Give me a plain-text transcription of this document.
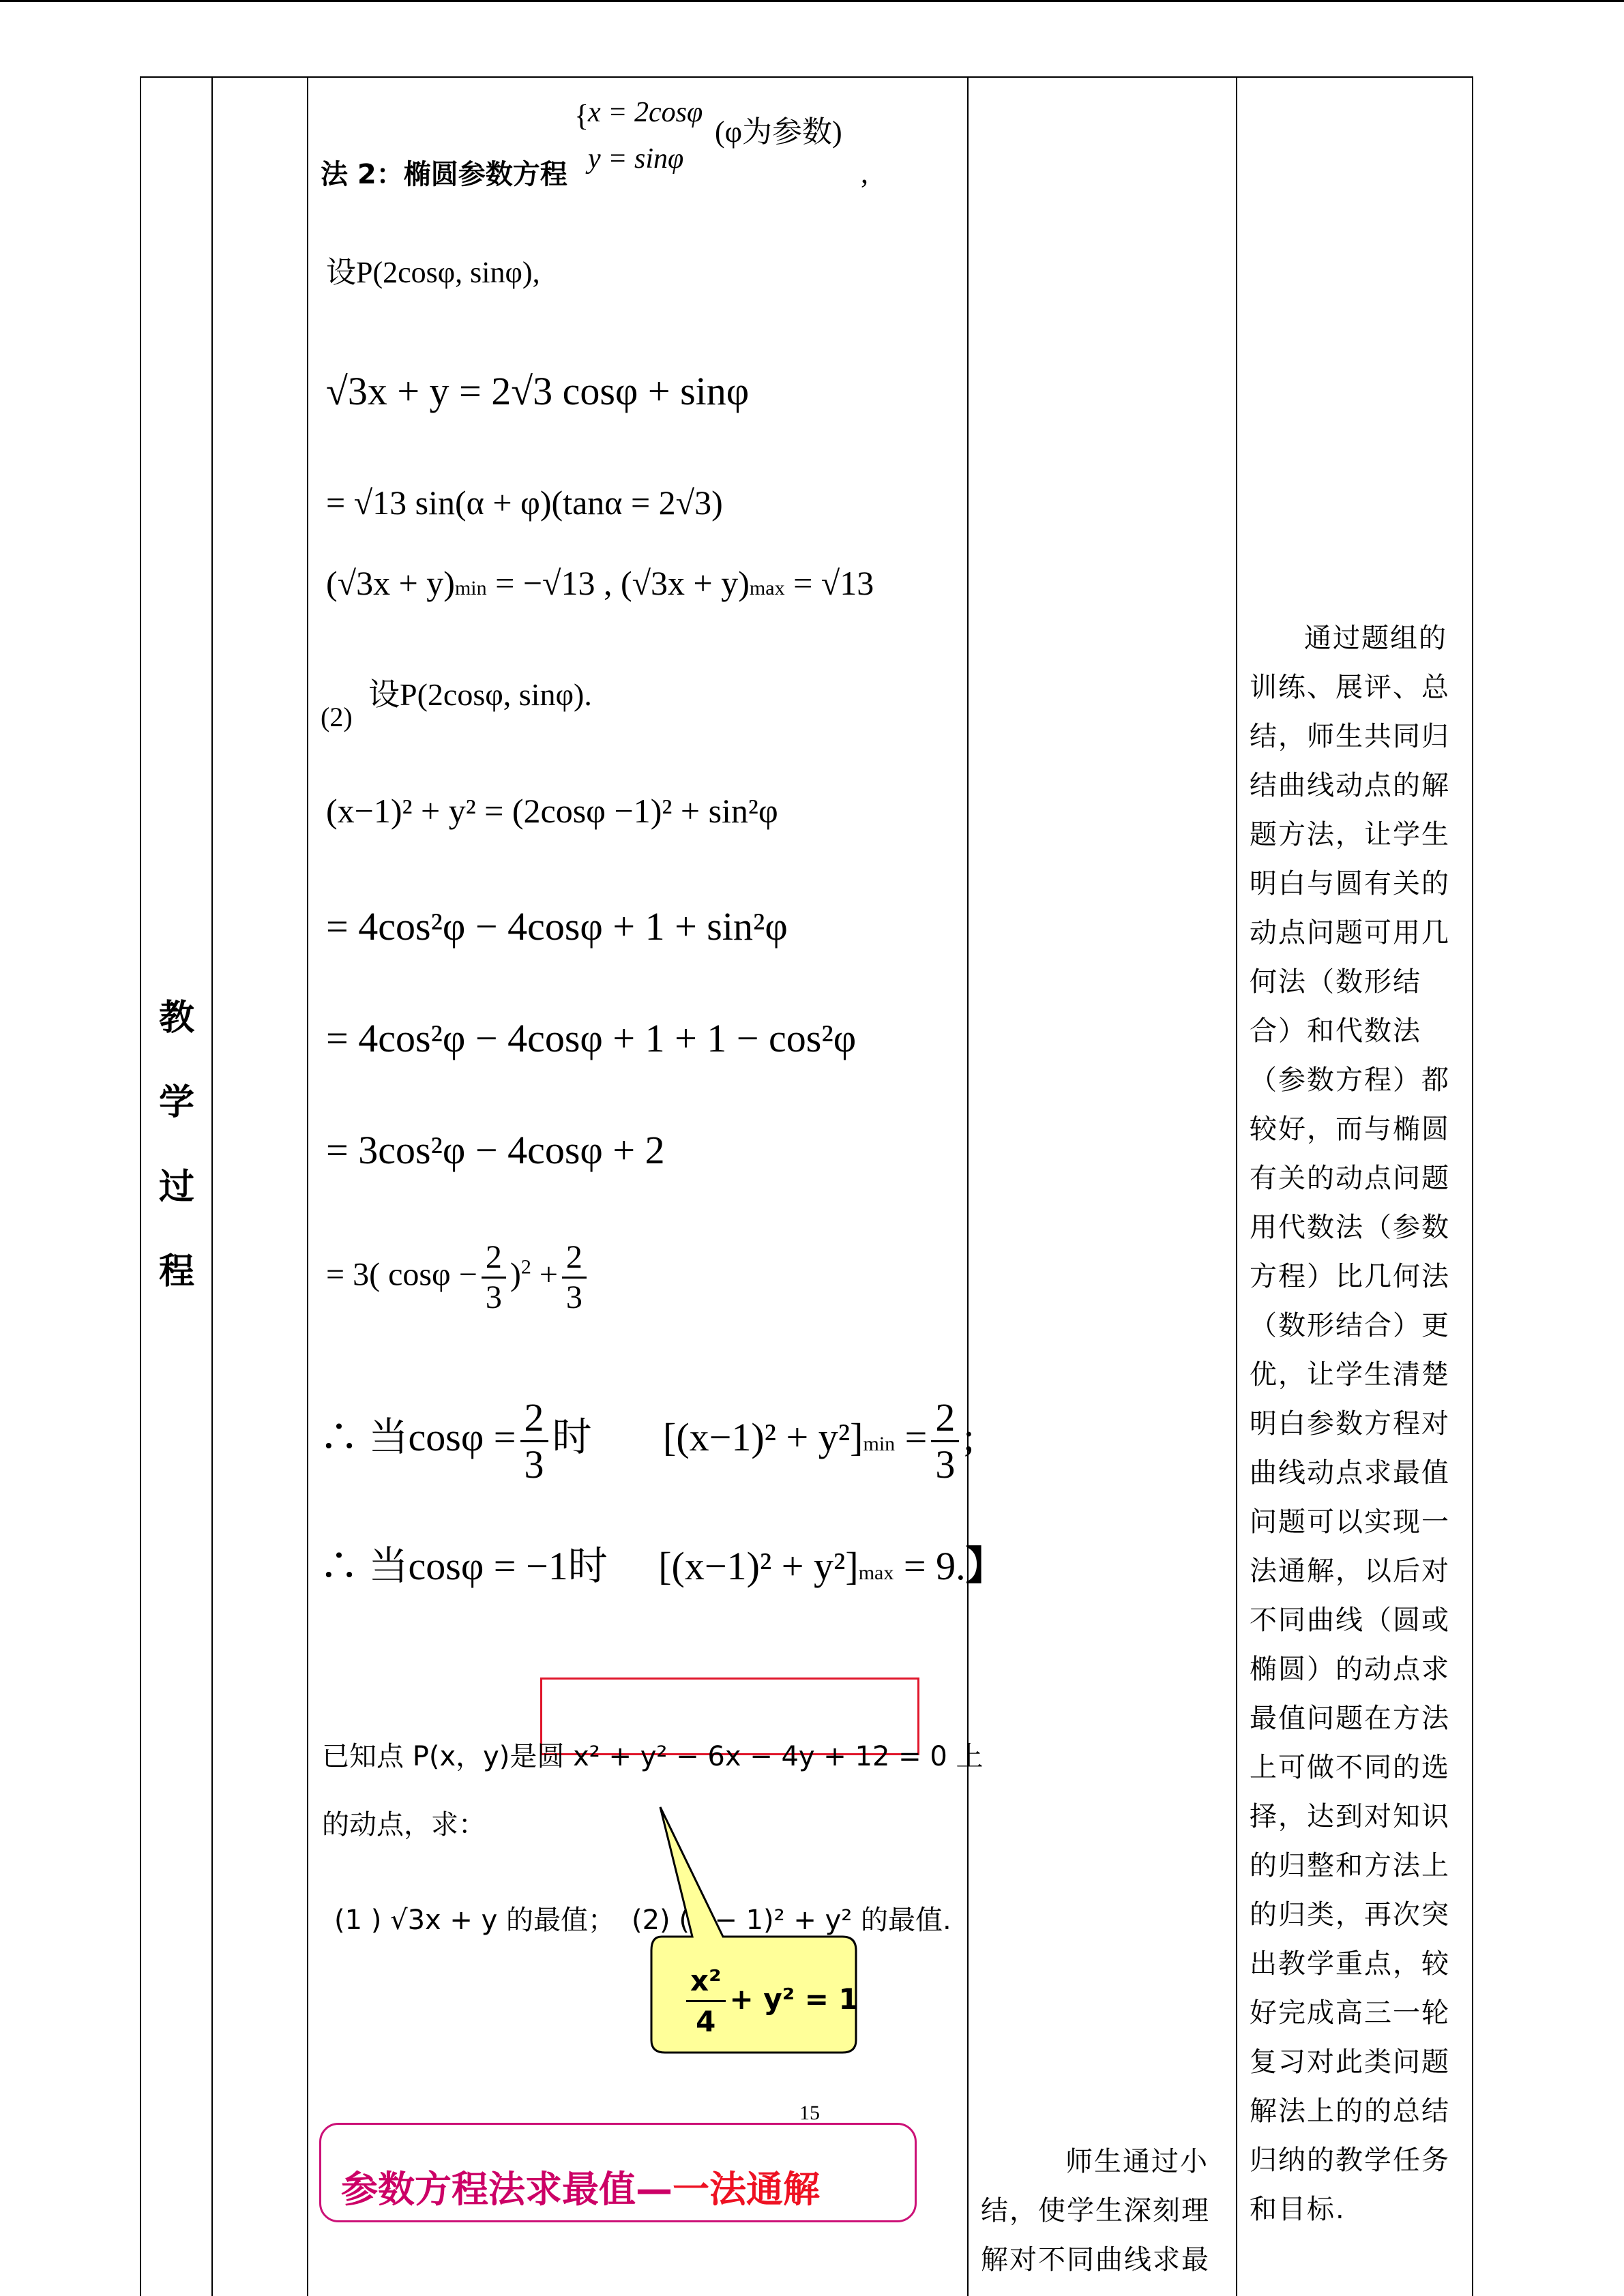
教
学
过
程
法 2：椭圆参数方程
{
x = 2cosφ
y = sinφ
(φ为参数)
,
设P(2cosφ, sinφ),
√3x + y = 2√3 cosφ + sinφ
= √13 sin(α + φ)(tanα = 2√3)
(√3x + y)min = −√13 , (√3x + y)max = √13
(2)
设P(2cosφ, sinφ).
(x−1)² + y² = (2cosφ −1)² + sin²φ
= 4cos²φ − 4cosφ + 1 + sin²φ
= 4cos²φ − 4cosφ + 1 + 1 − cos²φ
= 3cos²φ − 4cosφ + 2
= 3( $\cos\varphi - \frac{2}{3} )^2 + \frac{2}{3}$
∴ 当$\cos\varphi = \frac{2}{3}$ 时 $[(x-1)^2 + y^2]\min = \frac{2}{3}$ ;
∴ 当cosφ = −1时 [(x−1)² + y²]max = 9.】
已知点 P(x，y)是圆 x² + y² − 6x − 4y + 12 = 0 上
的动点，求：
(1 ) √3x + y 的最值； (2) (x − 1)² + y² 的最值.
$\frac{\text{x²}}{4} + y^2 = 1$
15
参数方程法求最值—一法通解
通过题组的训练、展评、总结，师生共同归结曲线动点的解题方法，让学生明白与圆有关的动点问题可用几何法（数形结合）和代数法（参数方程）都较好，而与椭圆有关的动点问题用代数法（参数方程）比几何法（数形结合）更优，让学生清楚明白参数方程对曲线动点求最值问题可以实现一法通解，以后对不同曲线（圆或椭圆）的动点求最值问题在方法上可做不同的选择，达到对知识的归整和方法上的归类，再次突出教学重点，较好完成高三一轮复习对此类问题解法上的的总结归纳的教学任务和目标.
师生通过小结，使学生深刻理解对不同曲线求最
